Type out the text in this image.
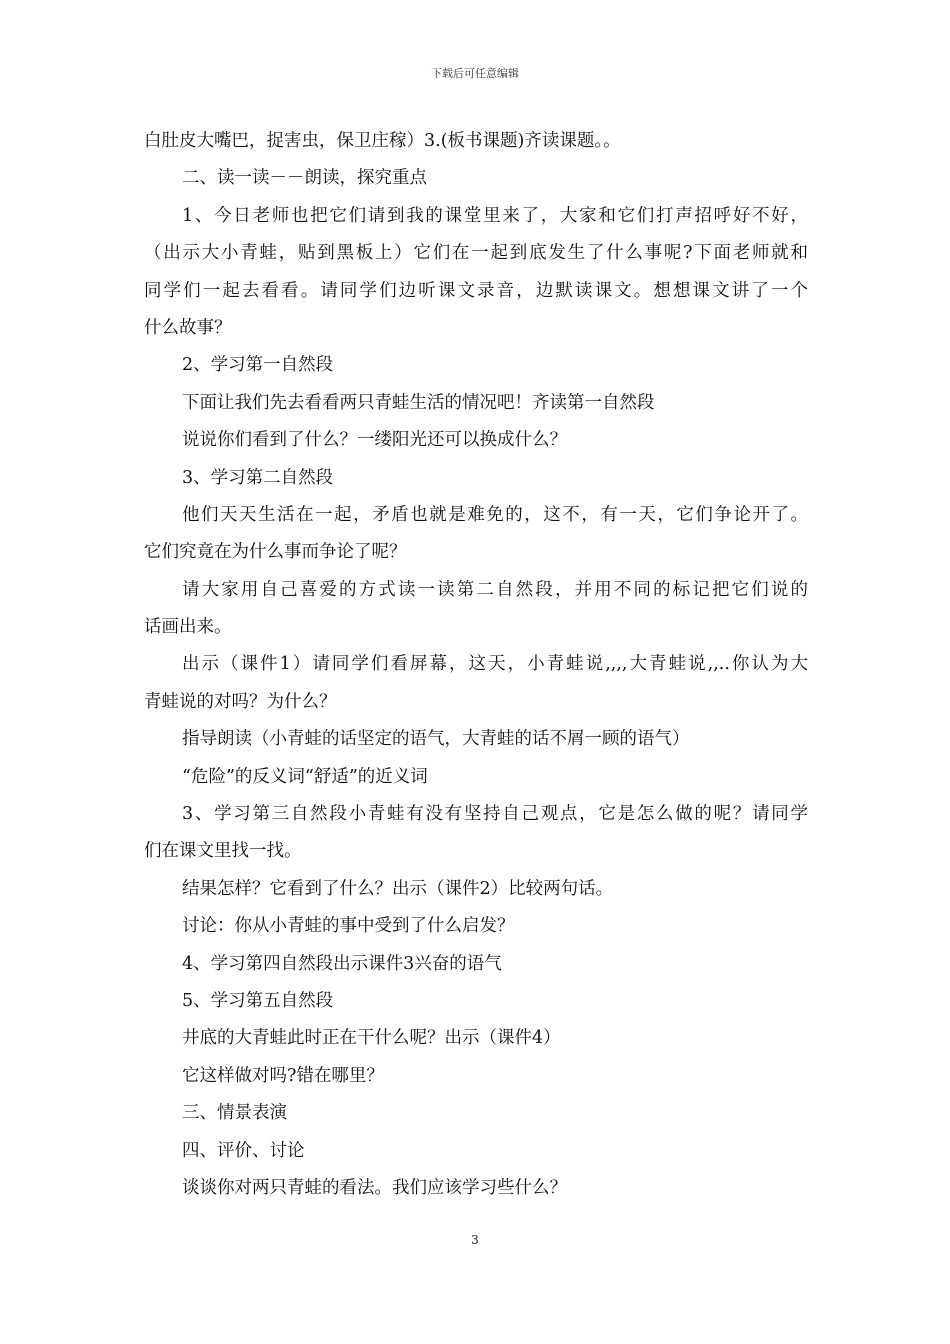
下载后可任意编辑
白肚皮大嘴巴，捉害虫，保卫庄稼）3.(板书课题)齐读课题。。
二、读一读－－朗读，探究重点
1、今日老师也把它们请到我的课堂里来了，大家和它们打声招呼好不好，
（出示大小青蛙，贴到黑板上）它们在一起到底发生了什么事呢?下面老师就和
同学们一起去看看。请同学们边听课文录音，边默读课文。想想课文讲了一个
什么故事？
2、学习第一自然段
下面让我们先去看看两只青蛙生活的情况吧！齐读第一自然段
说说你们看到了什么？一缕阳光还可以换成什么？
3、学习第二自然段
他们天天生活在一起，矛盾也就是难免的，这不，有一天，它们争论开了。
它们究竟在为什么事而争论了呢？
请大家用自己喜爱的方式读一读第二自然段，并用不同的标记把它们说的
话画出来。
出示（课件1）请同学们看屏幕，这天，小青蛙说,,,,大青蛙说,,..你认为大
青蛙说的对吗？为什么？
指导朗读（小青蛙的话坚定的语气，大青蛙的话不屑一顾的语气）
“危险”的反义词“舒适”的近义词
3、学习第三自然段小青蛙有没有坚持自己观点，它是怎么做的呢？请同学
们在课文里找一找。
结果怎样？它看到了什么？出示（课件2）比较两句话。
讨论：你从小青蛙的事中受到了什么启发？
4、学习第四自然段出示课件3兴奋的语气
5、学习第五自然段
井底的大青蛙此时正在干什么呢？出示（课件4）
它这样做对吗?错在哪里？
三、情景表演
四、评价、讨论
谈谈你对两只青蛙的看法。我们应该学习些什么？
3
